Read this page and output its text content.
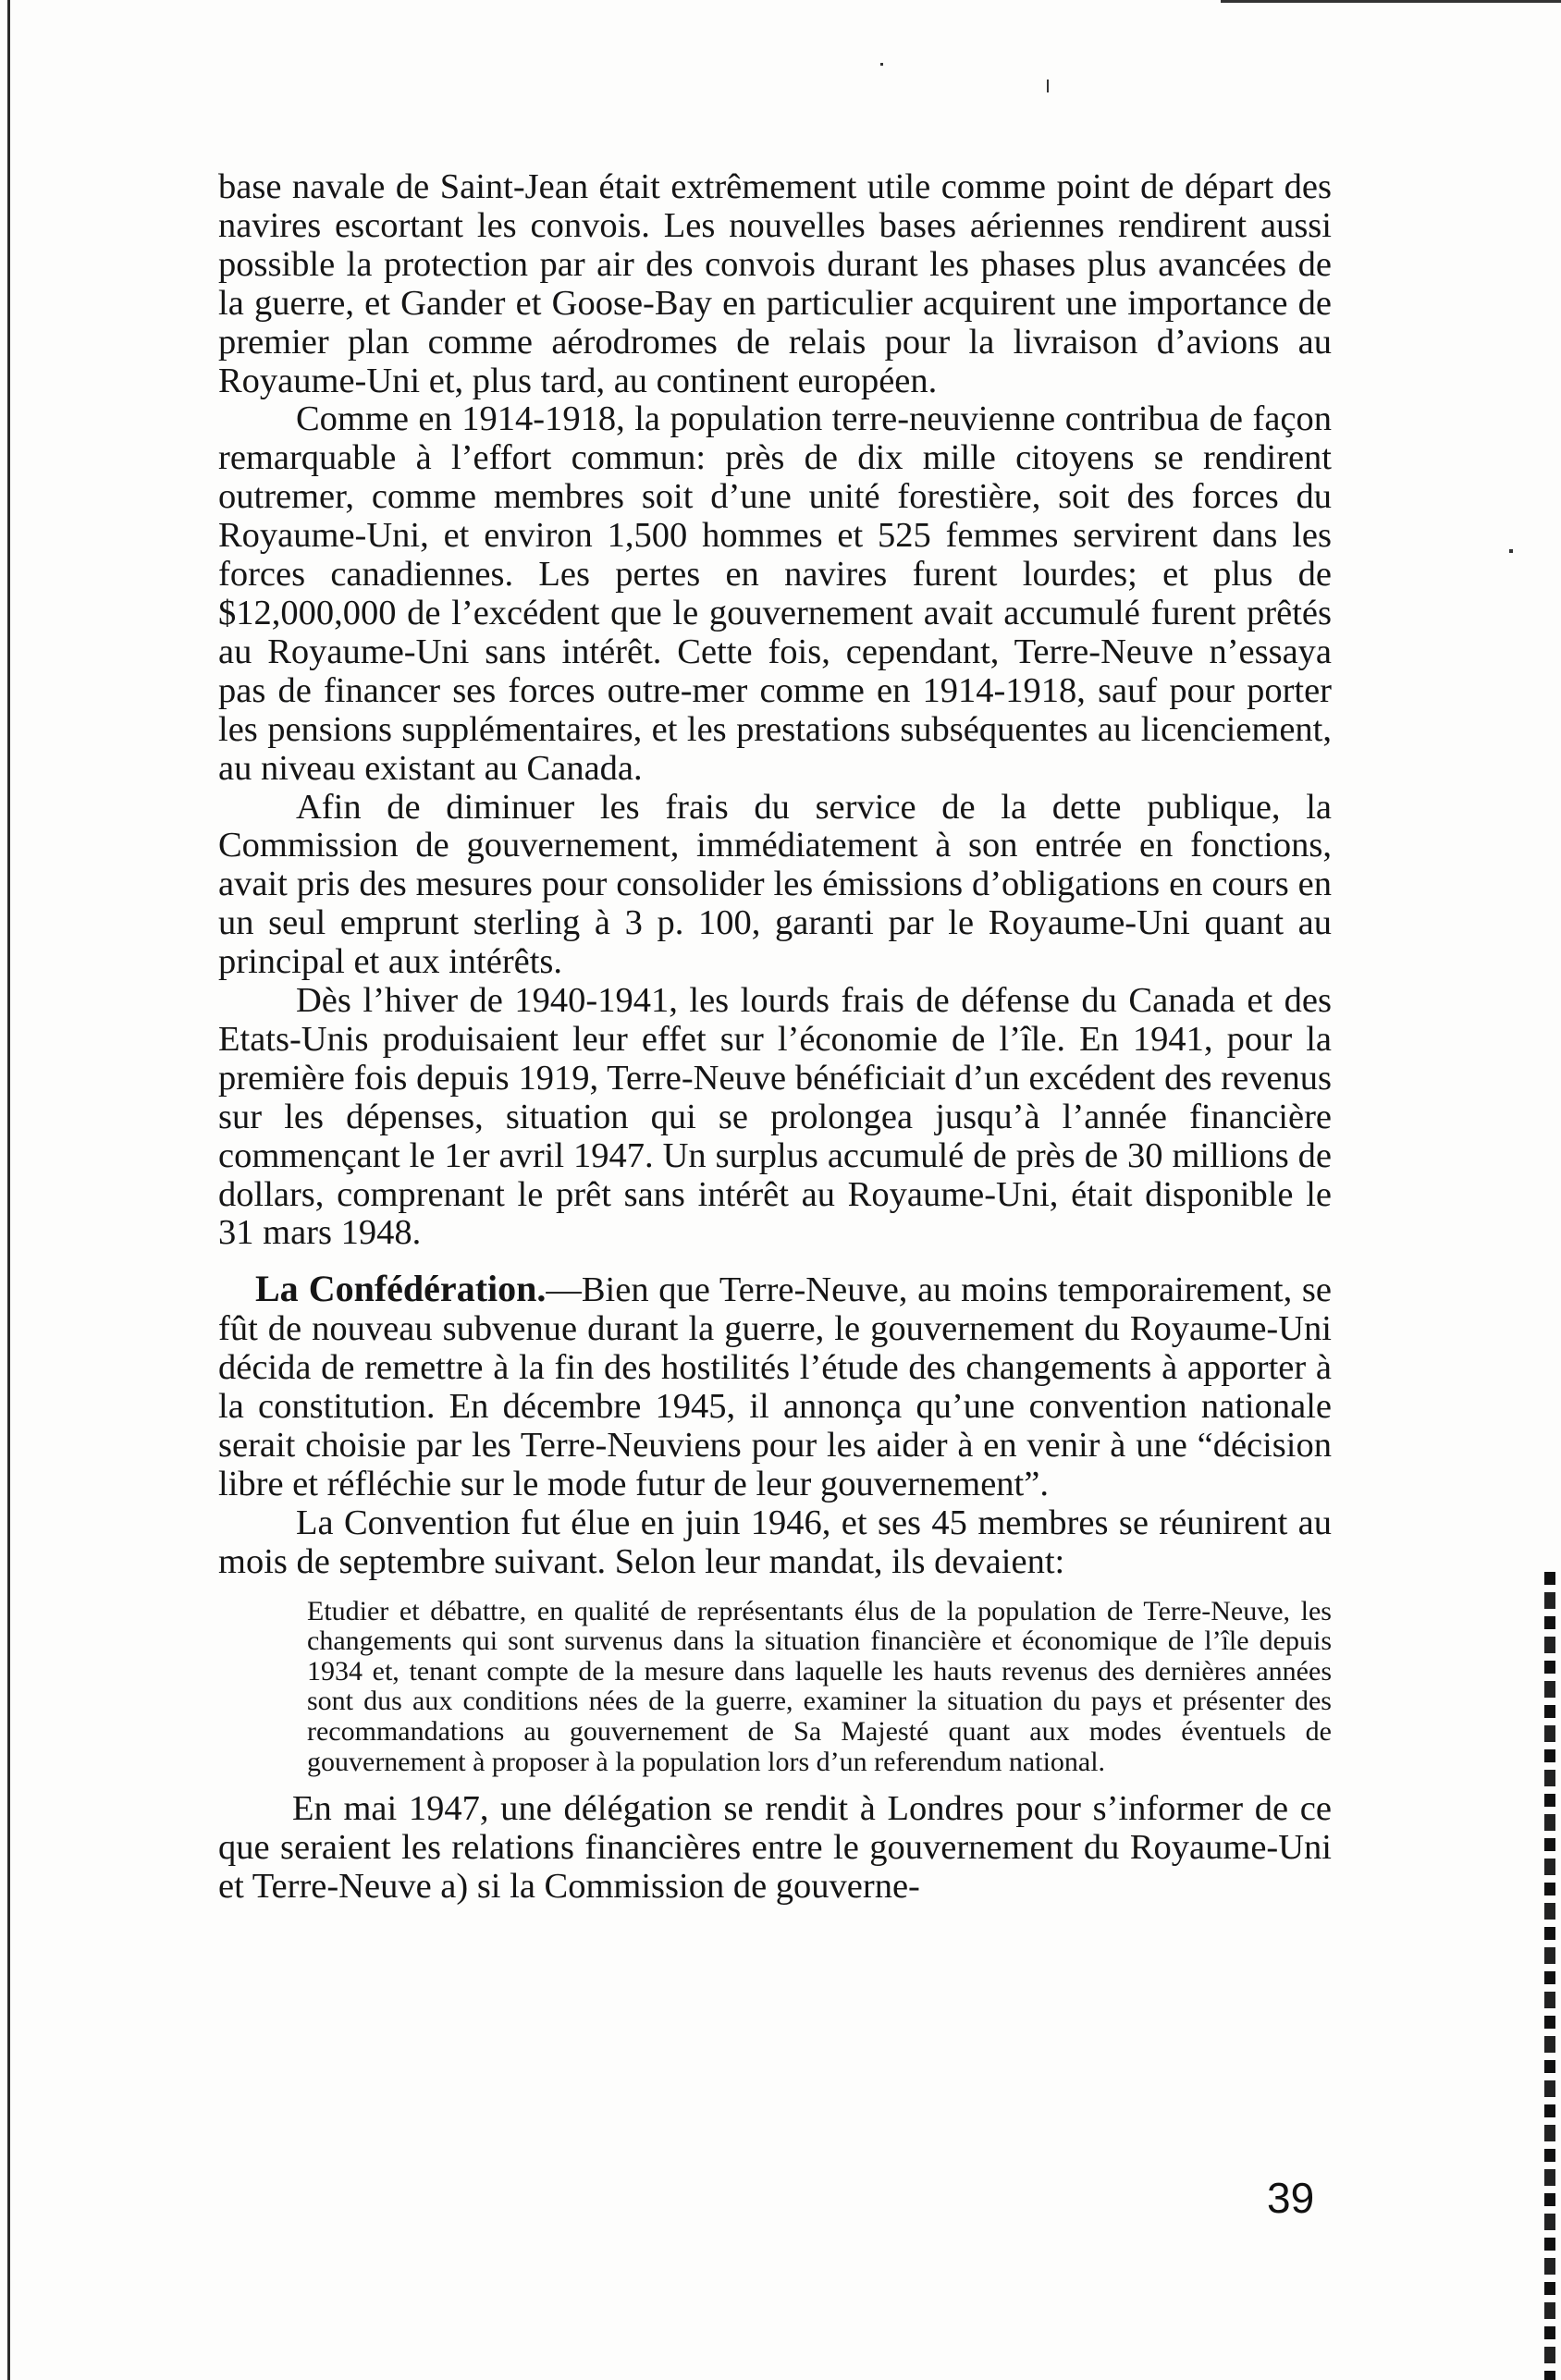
base navale de Saint-Jean était extrêmement utile comme point de départ des navires escortant les convois. Les nouvelles bases aériennes rendirent aussi possible la protection par air des convois durant les phases plus avancées de la guerre, et Gander et Goose-Bay en particulier acquirent une importance de premier plan comme aérodromes de relais pour la livraison d’avions au Royaume-Uni et, plus tard, au continent européen.

Comme en 1914-1918, la population terre-neuvienne contribua de façon remarquable à l’effort commun: près de dix mille citoyens se rendirent outremer, comme membres soit d’une unité forestière, soit des forces du Royaume-Uni, et environ 1,500 hommes et 525 femmes servirent dans les forces canadiennes. Les pertes en navires furent lourdes; et plus de $12,000,000 de l’excédent que le gouvernement avait accumulé furent prêtés au Royaume-Uni sans intérêt. Cette fois, cependant, Terre-Neuve n’essaya pas de financer ses forces outre-mer comme en 1914-1918, sauf pour porter les pensions supplémentaires, et les prestations subséquentes au licenciement, au niveau existant au Canada.

Afin de diminuer les frais du service de la dette publique, la Commission de gouvernement, immédiatement à son entrée en fonctions, avait pris des mesures pour consolider les émissions d’obligations en cours en un seul emprunt sterling à 3 p. 100, garanti par le Royaume-Uni quant au principal et aux intérêts.

Dès l’hiver de 1940-1941, les lourds frais de défense du Canada et des Etats-Unis produisaient leur effet sur l’économie de l’île. En 1941, pour la première fois depuis 1919, Terre-Neuve bénéficiait d’un excédent des revenus sur les dépenses, situation qui se prolongea jusqu’à l’année financière commençant le 1er avril 1947. Un surplus accumulé de près de 30 millions de dollars, comprenant le prêt sans intérêt au Royaume-Uni, était disponible le 31 mars 1948.

La Confédération.—Bien que Terre-Neuve, au moins temporairement, se fût de nouveau subvenue durant la guerre, le gouvernement du Royaume-Uni décida de remettre à la fin des hostilités l’étude des changements à apporter à la constitution. En décembre 1945, il annonça qu’une convention nationale serait choisie par les Terre-Neuviens pour les aider à en venir à une “décision libre et réfléchie sur le mode futur de leur gouvernement”.

La Convention fut élue en juin 1946, et ses 45 membres se réunirent au mois de septembre suivant. Selon leur mandat, ils devaient:

Etudier et débattre, en qualité de représentants élus de la population de Terre-Neuve, les changements qui sont survenus dans la situation financière et économique de l’île depuis 1934 et, tenant compte de la mesure dans laquelle les hauts revenus des dernières années sont dus aux conditions nées de la guerre, examiner la situation du pays et présenter des recommandations au gouvernement de Sa Majesté quant aux modes éventuels de gouvernement à proposer à la population lors d’un referendum national.

En mai 1947, une délégation se rendit à Londres pour s’informer de ce que seraient les relations financières entre le gouvernement du Royaume-Uni et Terre-Neuve a) si la Commission de gouverne-

39
